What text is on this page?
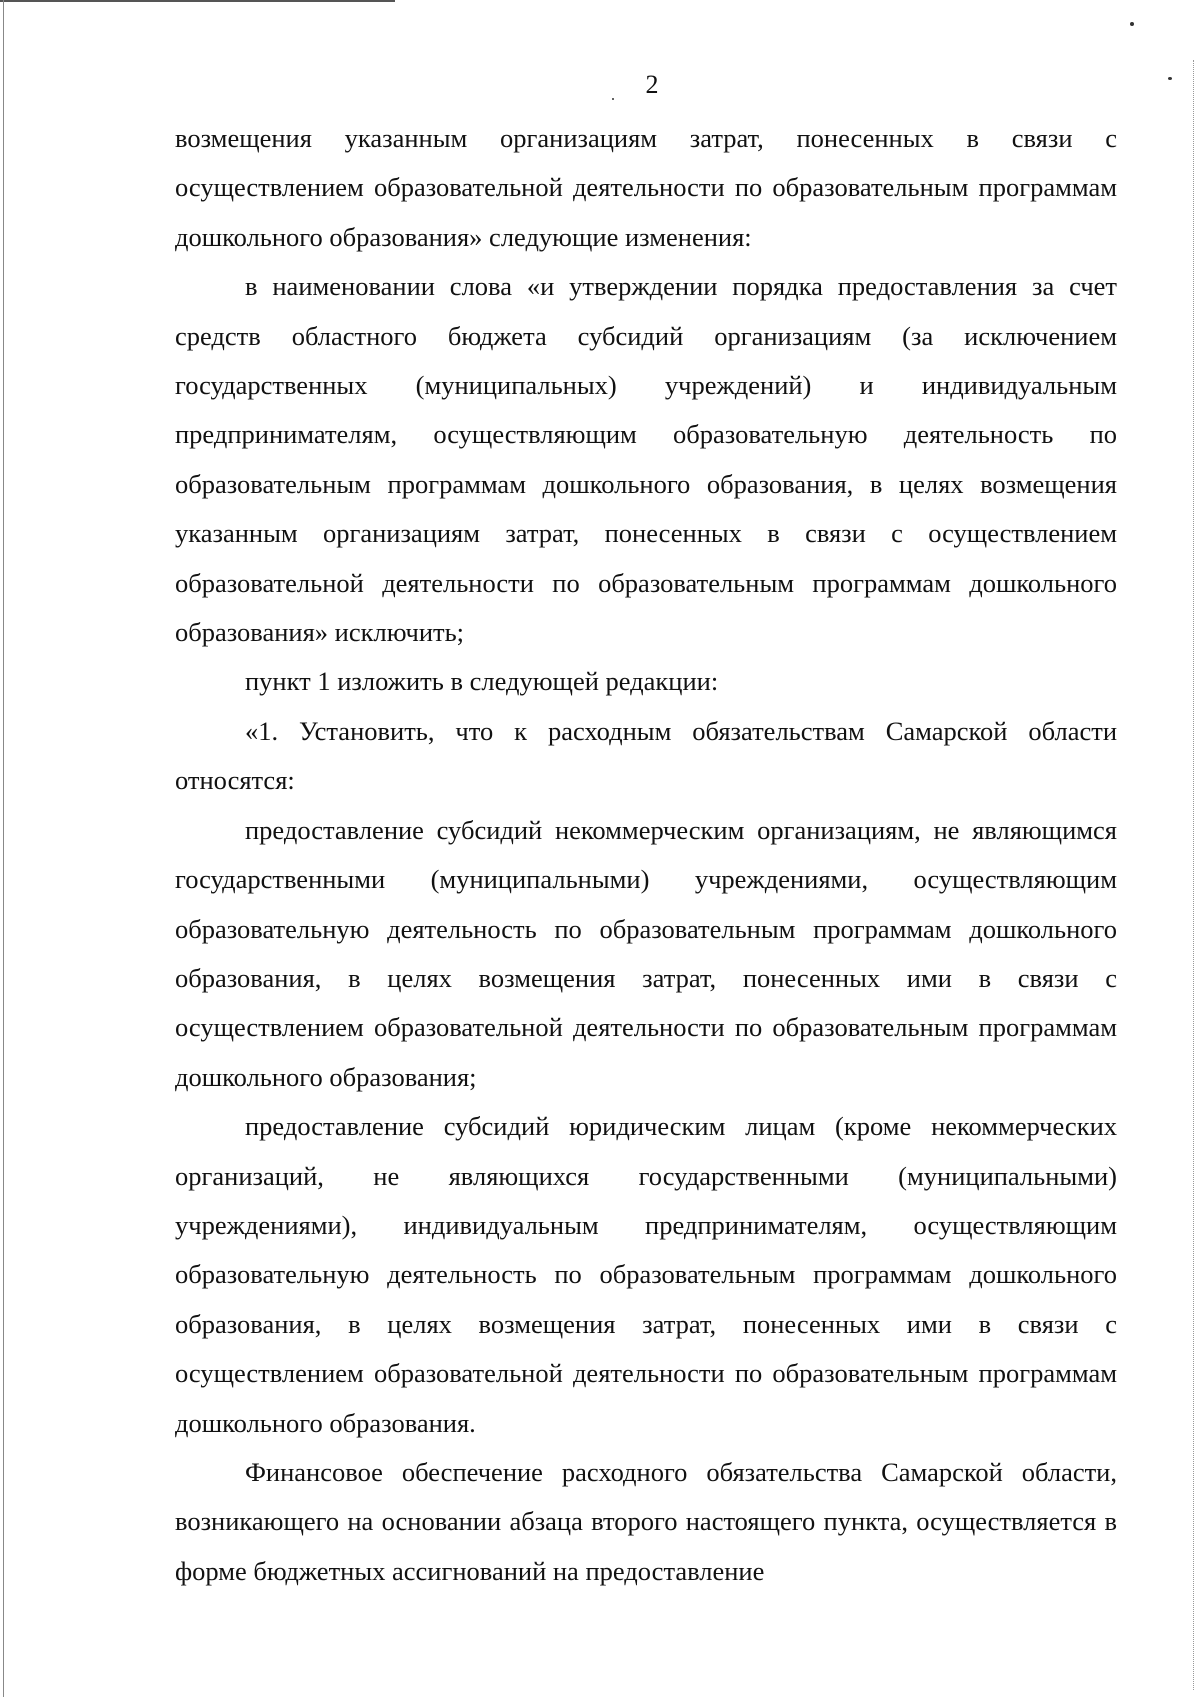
2

возмещения указанным организациям затрат, понесенных в связи с осуществлением образовательной деятельности по образовательным программам дошкольного образования» следующие изменения:

в наименовании слова «и утверждении порядка предоставления за счет средств областного бюджета субсидий организациям (за исключением государственных (муниципальных) учреждений) и индивидуальным предпринимателям, осуществляющим образовательную деятельность по образовательным программам дошкольного образования, в целях возмещения указанным организациям затрат, понесенных в связи с осуществлением образовательной деятельности по образовательным программам дошкольного образования» исключить;

пункт 1 изложить в следующей редакции:

«1. Установить, что к расходным обязательствам Самарской области относятся:

предоставление субсидий некоммерческим организациям, не являющимся государственными (муниципальными) учреждениями, осуществляющим образовательную деятельность по образовательным программам дошкольного образования, в целях возмещения затрат, понесенных ими в связи с осуществлением образовательной деятельности по образовательным программам дошкольного образования;

предоставление субсидий юридическим лицам (кроме некоммерческих организаций, не являющихся государственными (муниципальными) учреждениями), индивидуальным предпринимателям, осуществляющим образовательную деятельность по образовательным программам дошкольного образования, в целях возмещения затрат, понесенных ими в связи с осуществлением образовательной деятельности по образовательным программам дошкольного образования.

Финансовое обеспечение расходного обязательства Самарской области, возникающего на основании абзаца второго настоящего пункта, осуществляется в форме бюджетных ассигнований на предоставление
